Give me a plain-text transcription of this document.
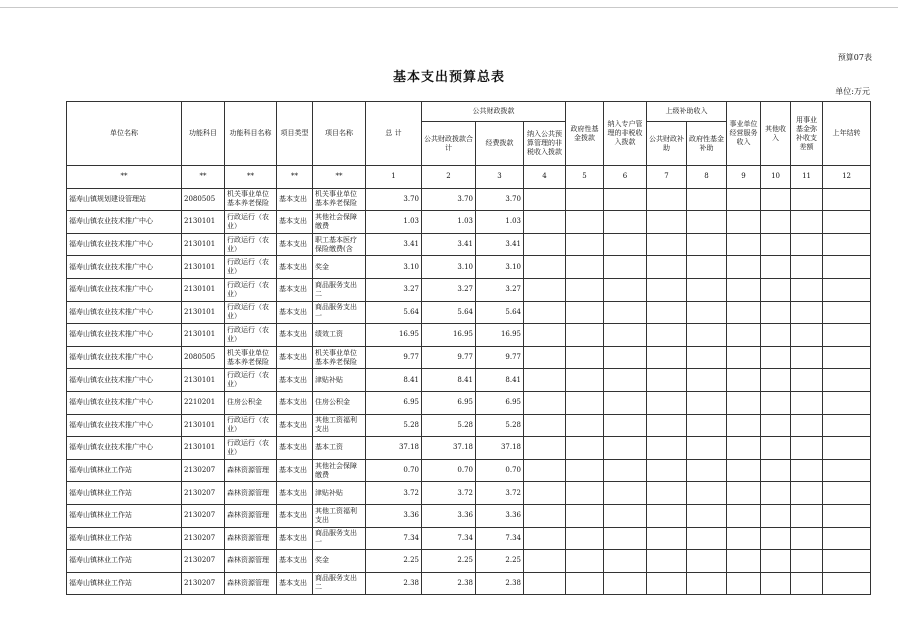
预算07表
基本支出预算总表
单位:万元
单位名称	功能科目	功能科目名称	项目类型	项目名称	总 计	公共财政拨款			政府性基金拨款	纳入专户管理的非税收入拨款	上级补助收入		事业单位经营服务收入	其他收入	用事业基金弥补收支差额	上年结转
						公共财政拨款合计	经费拨款	纳入公共预算管理的非税收入拨款			公共财政补助	政府性基金补助				
**	**	**	**	**	1	2	3	4	5	6	7	8	9	10	11	12

福寿山镇规划建设管理站	2080505	机关事业单位基本养老保险	基本支出	机关事业单位基本养老保险	3.70	3.70	3.70									

福寿山镇农业技术推广中心	2130101	行政运行（农业）	基本支出	其他社会保障缴费	1.03	1.03	1.03									

福寿山镇农业技术推广中心	2130101	行政运行（农业）	基本支出	职工基本医疗保险缴费(含	3.41	3.41	3.41									

福寿山镇农业技术推广中心	2130101	行政运行（农业）	基本支出	奖金	3.10	3.10	3.10									

福寿山镇农业技术推广中心	2130101	行政运行（农业）	基本支出	商品服务支出二	3.27	3.27	3.27									

福寿山镇农业技术推广中心	2130101	行政运行（农业）	基本支出	商品服务支出一	5.64	5.64	5.64									

福寿山镇农业技术推广中心	2130101	行政运行（农业）	基本支出	绩效工资	16.95	16.95	16.95									

福寿山镇农业技术推广中心	2080505	机关事业单位基本养老保险	基本支出	机关事业单位基本养老保险	9.77	9.77	9.77									

福寿山镇农业技术推广中心	2130101	行政运行（农业）	基本支出	津贴补贴	8.41	8.41	8.41									

福寿山镇农业技术推广中心	2210201	住房公积金	基本支出	住房公积金	6.95	6.95	6.95									

福寿山镇农业技术推广中心	2130101	行政运行（农业）	基本支出	其他工资福利支出	5.28	5.28	5.28									

福寿山镇农业技术推广中心	2130101	行政运行（农业）	基本支出	基本工资	37.18	37.18	37.18									

福寿山镇林业工作站	2130207	森林资源管理	基本支出	其他社会保障缴费	0.70	0.70	0.70									

福寿山镇林业工作站	2130207	森林资源管理	基本支出	津贴补贴	3.72	3.72	3.72									

福寿山镇林业工作站	2130207	森林资源管理	基本支出	其他工资福利支出	3.36	3.36	3.36									

福寿山镇林业工作站	2130207	森林资源管理	基本支出	商品服务支出一	7.34	7.34	7.34									

福寿山镇林业工作站	2130207	森林资源管理	基本支出	奖金	2.25	2.25	2.25									

福寿山镇林业工作站	2130207	森林资源管理	基本支出	商品服务支出二	2.38	2.38	2.38									
